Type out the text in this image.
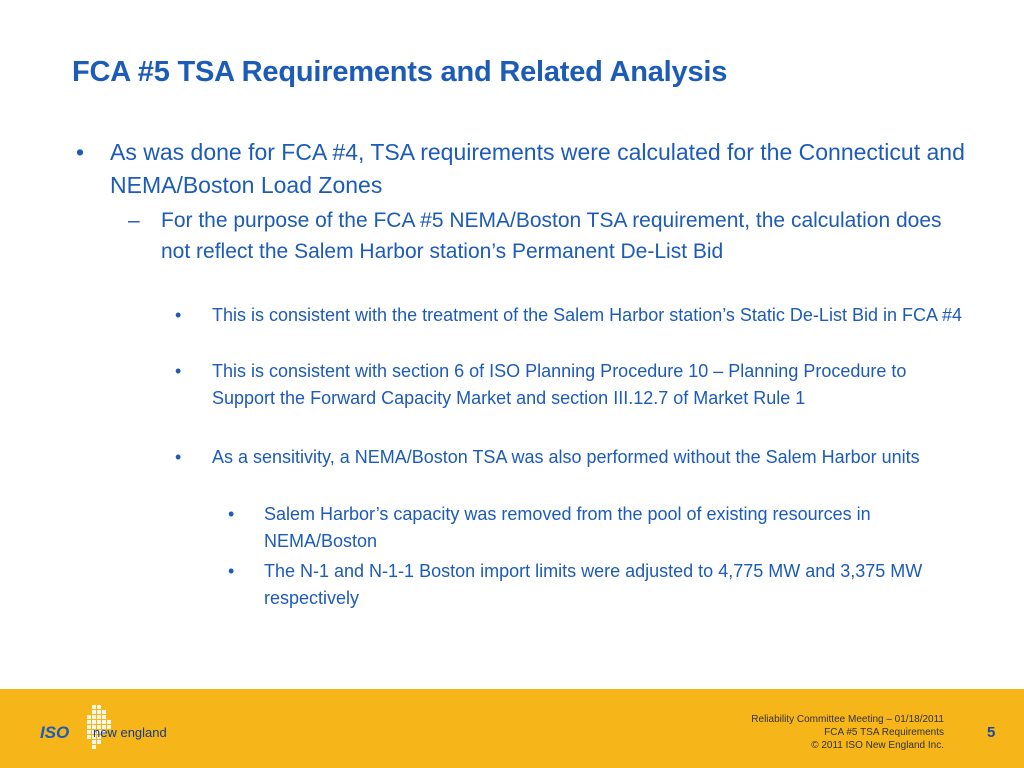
FCA #5 TSA Requirements and Related Analysis
• As was done for FCA #4, TSA requirements were calculated for the Connecticut and NEMA/Boston Load Zones
– For the purpose of the FCA #5 NEMA/Boston TSA requirement, the calculation does not reflect the Salem Harbor station’s Permanent De-List Bid
• This is consistent with the treatment of the Salem Harbor station’s Static De-List Bid in FCA #4
• This is consistent with section 6 of ISO Planning Procedure 10 – Planning Procedure to Support the Forward Capacity Market and section III.12.7 of Market Rule 1
• As a sensitivity, a NEMA/Boston TSA was also performed without the Salem Harbor units
• Salem Harbor’s capacity was removed from the pool of existing resources in NEMA/Boston
• The N-1 and N-1-1 Boston import limits were adjusted to 4,775 MW and 3,375 MW respectively
ISO new england
Reliability Committee Meeting – 01/18/2011
FCA #5 TSA Requirements
© 2011 ISO New England Inc.
5
